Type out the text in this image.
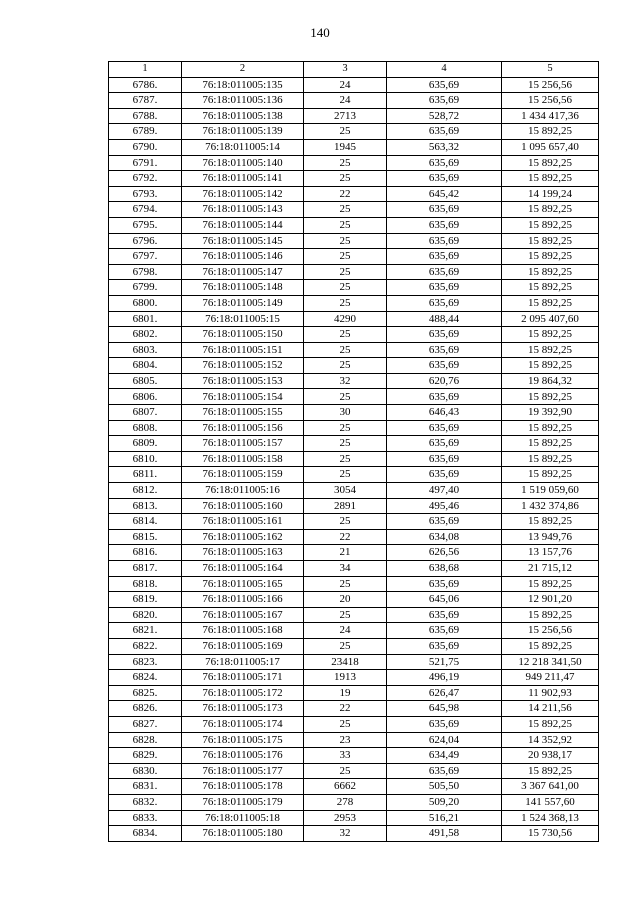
140
1	2	3	4	5
6786.	76:18:011005:135	24	635,69	15 256,56
6787.	76:18:011005:136	24	635,69	15 256,56
6788.	76:18:011005:138	2713	528,72	1 434 417,36
6789.	76:18:011005:139	25	635,69	15 892,25
6790.	76:18:011005:14	1945	563,32	1 095 657,40
6791.	76:18:011005:140	25	635,69	15 892,25
6792.	76:18:011005:141	25	635,69	15 892,25
6793.	76:18:011005:142	22	645,42	14 199,24
6794.	76:18:011005:143	25	635,69	15 892,25
6795.	76:18:011005:144	25	635,69	15 892,25
6796.	76:18:011005:145	25	635,69	15 892,25
6797.	76:18:011005:146	25	635,69	15 892,25
6798.	76:18:011005:147	25	635,69	15 892,25
6799.	76:18:011005:148	25	635,69	15 892,25
6800.	76:18:011005:149	25	635,69	15 892,25
6801.	76:18:011005:15	4290	488,44	2 095 407,60
6802.	76:18:011005:150	25	635,69	15 892,25
6803.	76:18:011005:151	25	635,69	15 892,25
6804.	76:18:011005:152	25	635,69	15 892,25
6805.	76:18:011005:153	32	620,76	19 864,32
6806.	76:18:011005:154	25	635,69	15 892,25
6807.	76:18:011005:155	30	646,43	19 392,90
6808.	76:18:011005:156	25	635,69	15 892,25
6809.	76:18:011005:157	25	635,69	15 892,25
6810.	76:18:011005:158	25	635,69	15 892,25
6811.	76:18:011005:159	25	635,69	15 892,25
6812.	76:18:011005:16	3054	497,40	1 519 059,60
6813.	76:18:011005:160	2891	495,46	1 432 374,86
6814.	76:18:011005:161	25	635,69	15 892,25
6815.	76:18:011005:162	22	634,08	13 949,76
6816.	76:18:011005:163	21	626,56	13 157,76
6817.	76:18:011005:164	34	638,68	21 715,12
6818.	76:18:011005:165	25	635,69	15 892,25
6819.	76:18:011005:166	20	645,06	12 901,20
6820.	76:18:011005:167	25	635,69	15 892,25
6821.	76:18:011005:168	24	635,69	15 256,56
6822.	76:18:011005:169	25	635,69	15 892,25
6823.	76:18:011005:17	23418	521,75	12 218 341,50
6824.	76:18:011005:171	1913	496,19	949 211,47
6825.	76:18:011005:172	19	626,47	11 902,93
6826.	76:18:011005:173	22	645,98	14 211,56
6827.	76:18:011005:174	25	635,69	15 892,25
6828.	76:18:011005:175	23	624,04	14 352,92
6829.	76:18:011005:176	33	634,49	20 938,17
6830.	76:18:011005:177	25	635,69	15 892,25
6831.	76:18:011005:178	6662	505,50	3 367 641,00
6832.	76:18:011005:179	278	509,20	141 557,60
6833.	76:18:011005:18	2953	516,21	1 524 368,13
6834.	76:18:011005:180	32	491,58	15 730,56
